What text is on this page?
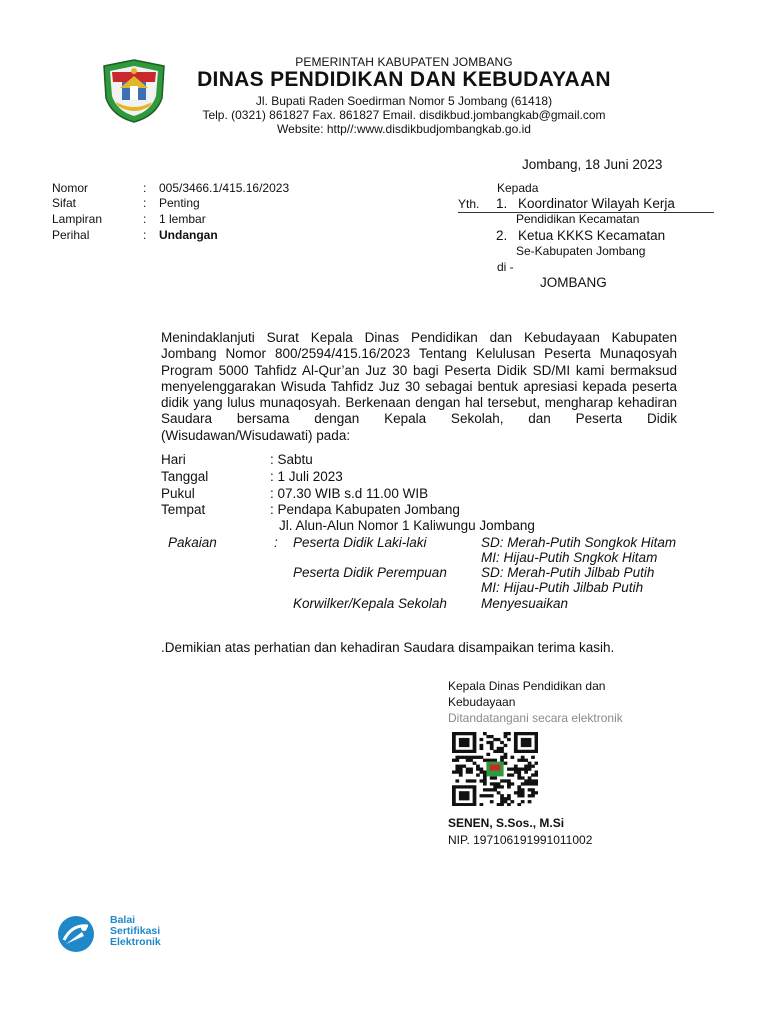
PEMERINTAH KABUPATEN JOMBANG
DINAS PENDIDIKAN DAN KEBUDAYAAN
Jl. Bupati Raden Soedirman Nomor 5 Jombang (61418)
Telp. (0321) 861827 Fax. 861827 Email. disdikbud.jombangkab@gmail.com
Website: http//:www.disdikbudjombangkab.go.id
Jombang, 18 Juni 2023
Nomor	: 005/3466.1/415.16/2023
Sifat	: Penting
Lampiran	: 1 lembar
Perihal	: Undangan
Kepada
Yth. 1. Koordinator Wilayah Kerja
Pendidikan Kecamatan
2. Ketua KKKS Kecamatan
Se-Kabupaten Jombang
di -
JOMBANG
Menindaklanjuti Surat Kepala Dinas Pendidikan dan Kebudayaan Kabupaten Jombang Nomor 800/2594/415.16/2023 Tentang Kelulusan Peserta Munaqosyah Program 5000 Tahfidz Al-Qur’an Juz 30 bagi Peserta Didik SD/MI kami bermaksud menyelenggarakan Wisuda Tahfidz Juz 30 sebagai bentuk apresiasi kepada peserta didik yang lulus munaqosyah. Berkenaan dengan hal tersebut, mengharap kehadiran Saudara bersama dengan Kepala Sekolah, dan Peserta Didik (Wisudawan/Wisudawati) pada:
Hari	: Sabtu
Tanggal	: 1 Juli 2023
Pukul	: 07.30 WIB s.d 11.00 WIB
Tempat	: Pendapa Kabupaten Jombang
Jl. Alun-Alun Nomor 1 Kaliwungu Jombang
Pakaian	: Peserta Didik Laki-laki	SD: Merah-Putih Songkok Hitam
MI: Hijau-Putih Sngkok Hitam
Peserta Didik Perempuan	SD: Merah-Putih Jilbab Putih
MI: Hijau-Putih Jilbab Putih
Korwilker/Kepala Sekolah	Menyesuaikan
.Demikian atas perhatian dan kehadiran Saudara disampaikan terima kasih.
Kepala Dinas Pendidikan dan
Kebudayaan
Ditandatangani secara elektronik
SENEN, S.Sos., M.Si
NIP. 197106191991011002
Balai
Sertifikasi
Elektronik
